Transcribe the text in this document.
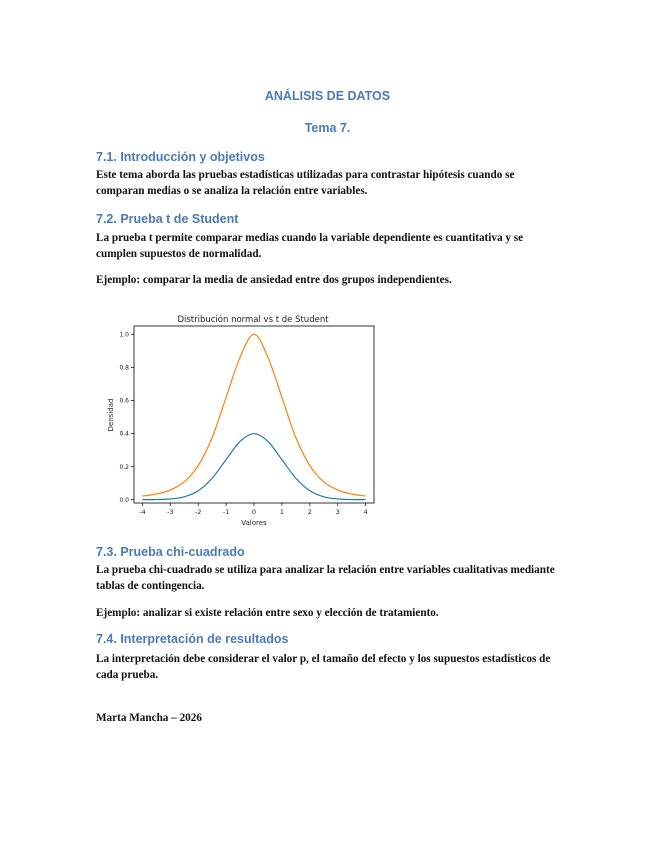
ANÁLISIS DE DATOS
Tema 7.
7.1. Introducción y objetivos

Este tema aborda las pruebas estadísticas utilizadas para contrastar hipótesis cuando se comparan medias o se analiza la relación entre variables.

7.2. Prueba t de Student

La prueba t permite comparar medias cuando la variable dependiente es cuantitativa y se cumplen supuestos de normalidad.

Ejemplo: comparar la media de ansiedad entre dos grupos independientes.

Distribución normal vs t de Student
-4	-3	-2	-1	0	1	2	3	4
0.0
0.2
0.4
0.6
0.8
1.0
Valores
Densidad
7.3. Prueba chi-cuadrado

La prueba chi-cuadrado se utiliza para analizar la relación entre variables cualitativas mediante tablas de contingencia.

Ejemplo: analizar si existe relación entre sexo y elección de tratamiento.

7.4. Interpretación de resultados

La interpretación debe considerar el valor p, el tamaño del efecto y los supuestos estadísticos de cada prueba.

Marta Mancha – 2026
